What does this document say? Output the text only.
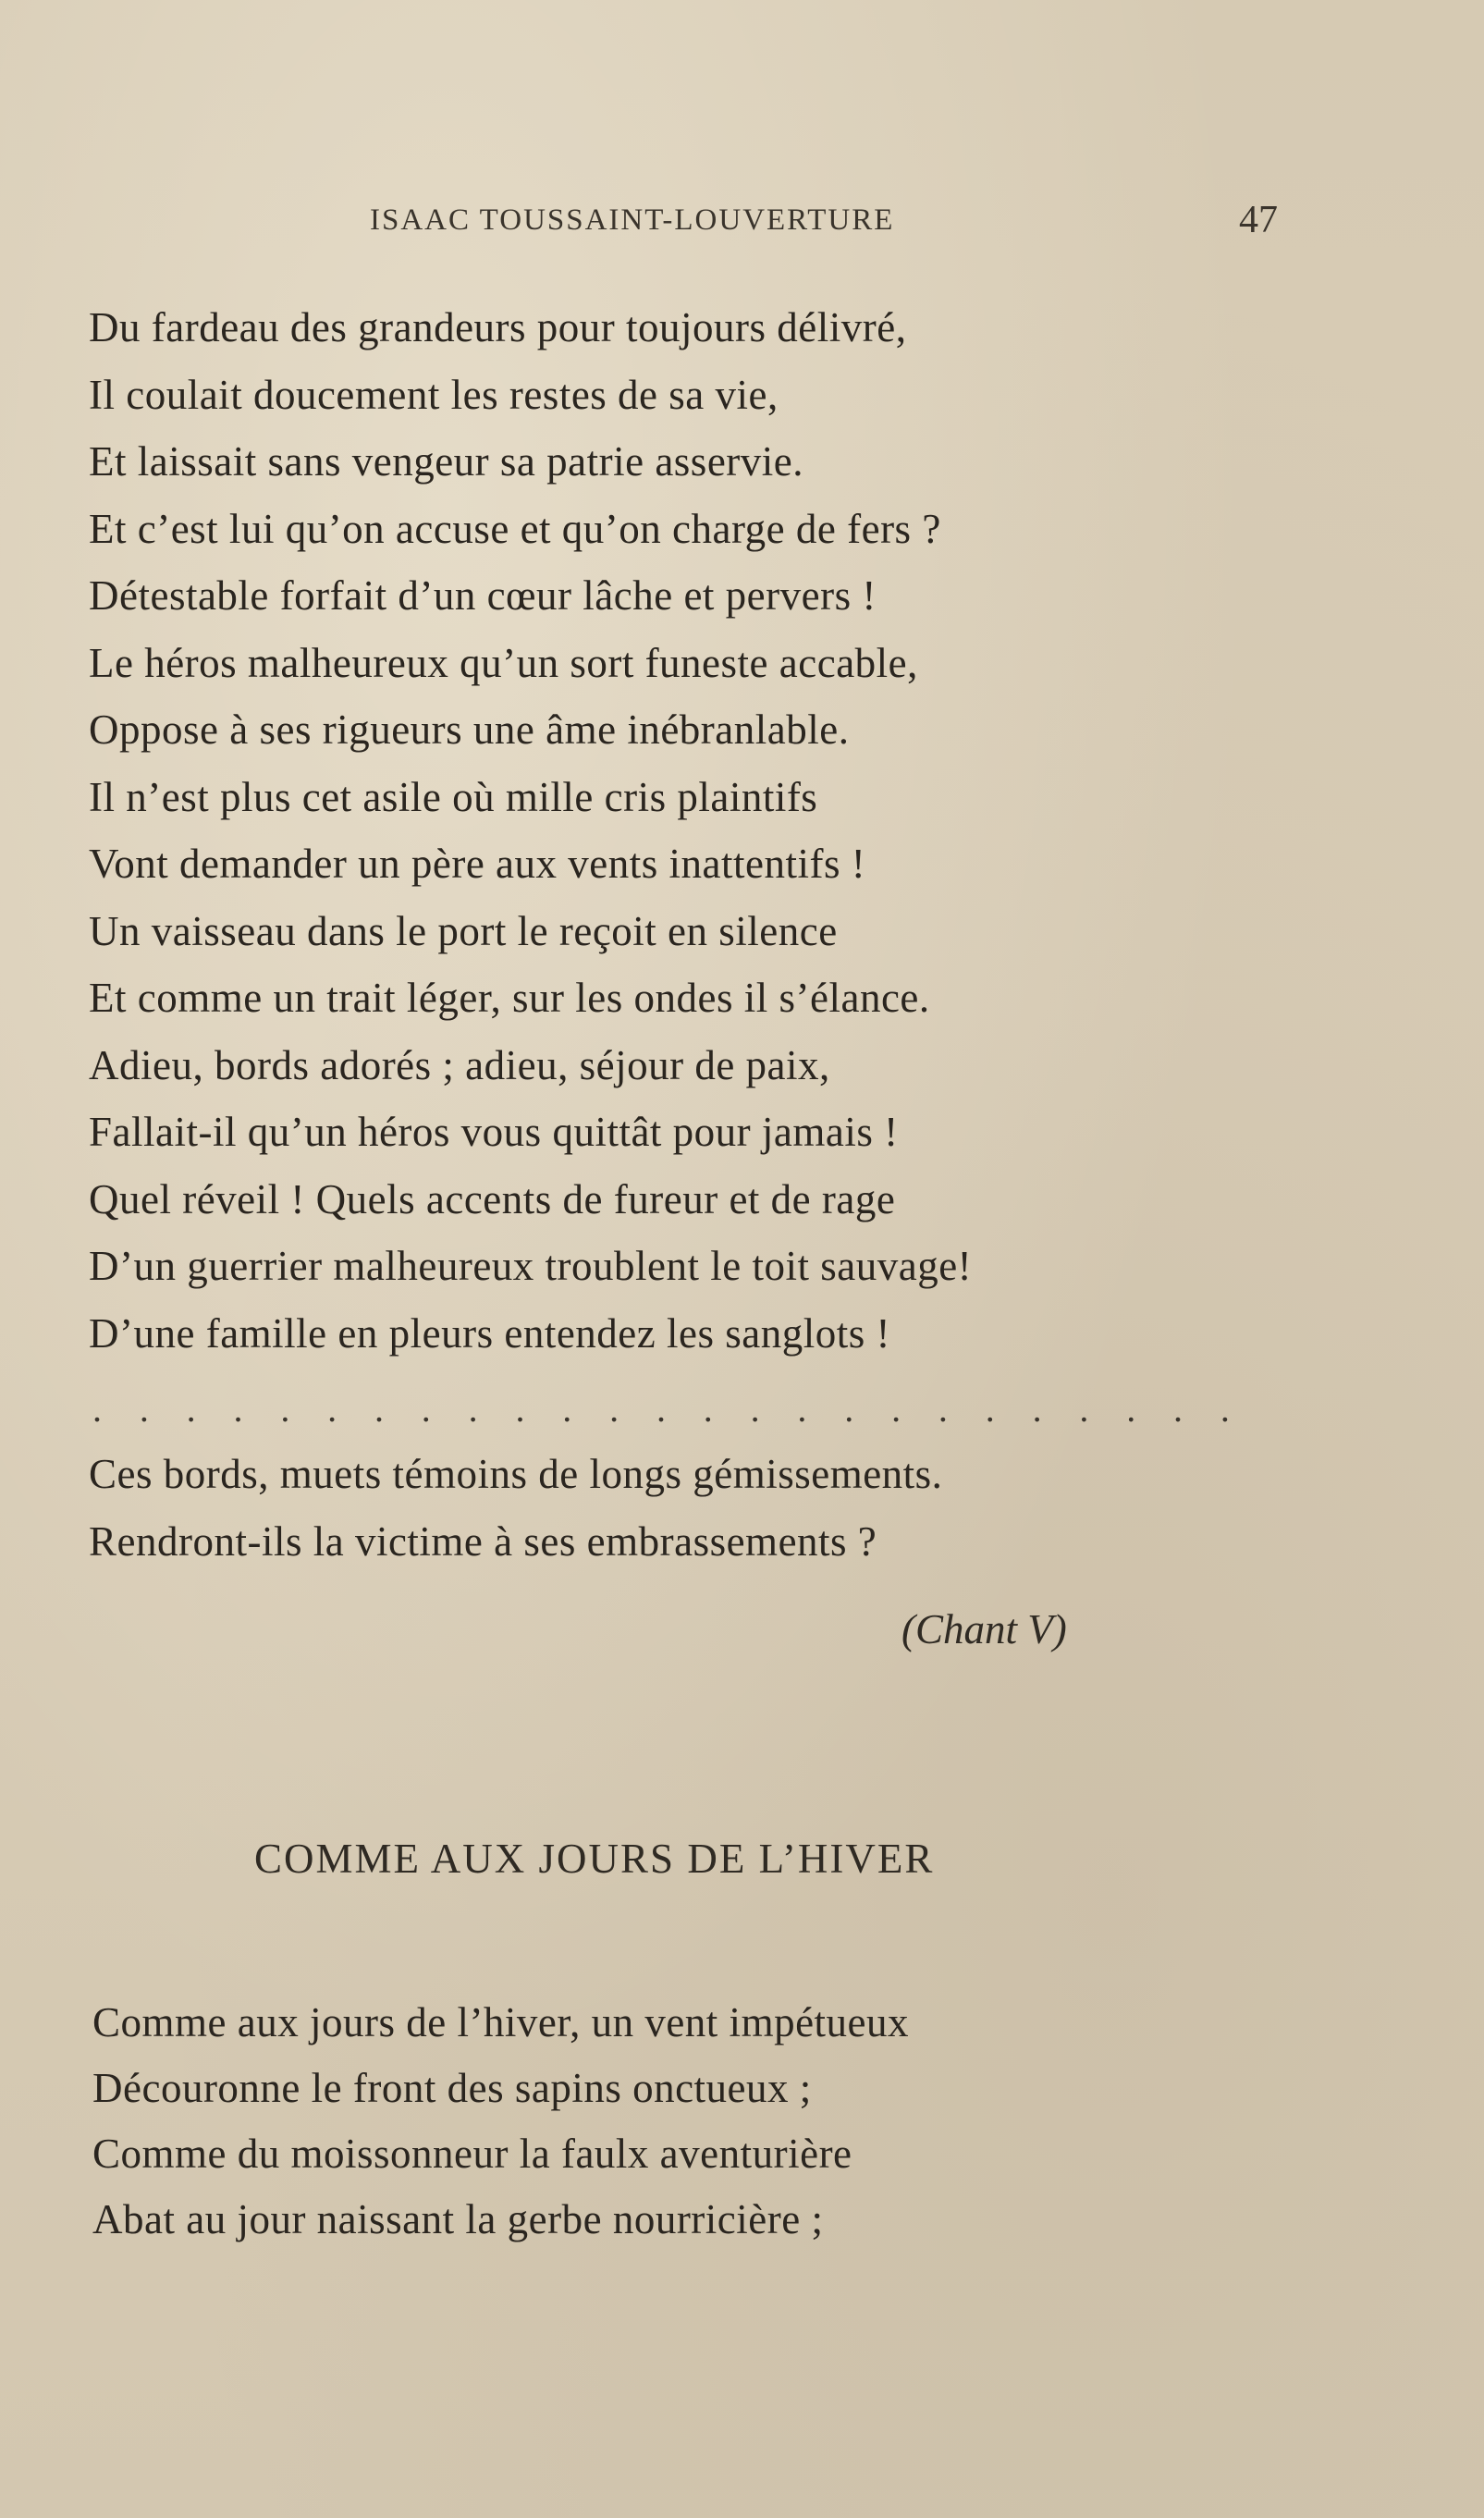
ISAAC TOUSSAINT-LOUVERTURE	47
Du fardeau des grandeurs pour toujours délivré,
Il coulait doucement les restes de sa vie,
Et laissait sans vengeur sa patrie asservie.
Et c’est lui qu’on accuse et qu’on charge de fers ?
Détestable forfait d’un cœur lâche et pervers !
Le héros malheureux qu’un sort funeste accable,
Oppose à ses rigueurs une âme inébranlable.
Il n’est plus cet asile où mille cris plaintifs
Vont demander un père aux vents inattentifs !
Un vaisseau dans le port le reçoit en silence
Et comme un trait léger, sur les ondes il s’élance.
Adieu, bords adorés ; adieu, séjour de paix,
Fallait-il qu’un héros vous quittât pour jamais !
Quel réveil ! Quels accents de fureur et de rage
D’un guerrier malheureux troublent le toit sauvage!
D’une famille en pleurs entendez les sanglots !
. . . . . . . . . . . . . . . . . . . . . . . . .
Ces bords, muets témoins de longs gémissements.
Rendront-ils la victime à ses embrassements ?
(Chant V)
COMME AUX JOURS DE L’HIVER
Comme aux jours de l’hiver, un vent impétueux
Découronne le front des sapins onctueux ;
Comme du moissonneur la faulx aventurière
Abat au jour naissant la gerbe nourricière ;
